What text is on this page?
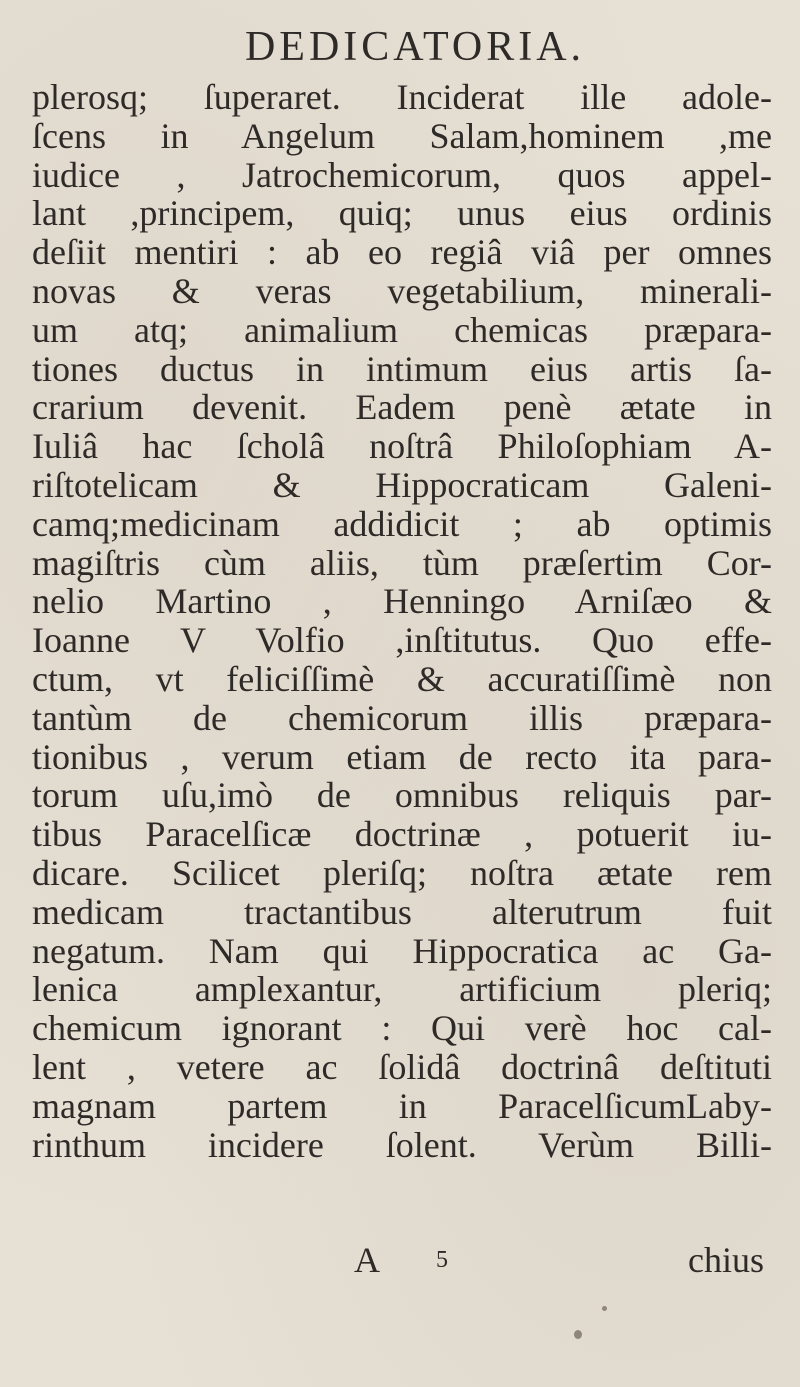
DEDICATORIA.
plerosq; ſuperaret. Inciderat ille adole-
ſcens in Angelum Salam,hominem ,me
iudice , Jatrochemicorum, quos appel-
lant ,principem, quiq; unus eius ordinis
deſiit mentiri : ab eo regiâ viâ per omnes
novas & veras vegetabilium, minerali-
um atq; animalium chemicas præpara-
tiones ductus in intimum eius artis ſa-
crarium devenit. Eadem penè ætate in
Iuliâ hac ſcholâ noſtrâ Philoſophiam A-
riſtotelicam & Hippocraticam Galeni-
camq;medicinam addidicit ; ab optimis
magiſtris cùm aliis, tùm præſertim Cor-
nelio Martino , Henningo Arniſæo &
Ioanne V Volfio ,inſtitutus. Quo effe-
ctum, vt feliciſſimè & accuratiſſimè non
tantùm de chemicorum illis præpara-
tionibus , verum etiam de recto ita para-
torum uſu,imò de omnibus reliquis par-
tibus Paracelſicæ doctrinæ , potuerit iu-
dicare. Scilicet pleriſq; noſtra ætate rem
medicam tractantibus alterutrum fuit
negatum. Nam qui Hippocratica ac Ga-
lenica amplexantur, artificium pleriq;
chemicum ignorant : Qui verè hoc cal-
lent , vetere ac ſolidâ doctrinâ deſtituti
magnam partem in ParacelſicumLaby-
rinthum incidere ſolent. Verùm Billi-
A 5	chius
